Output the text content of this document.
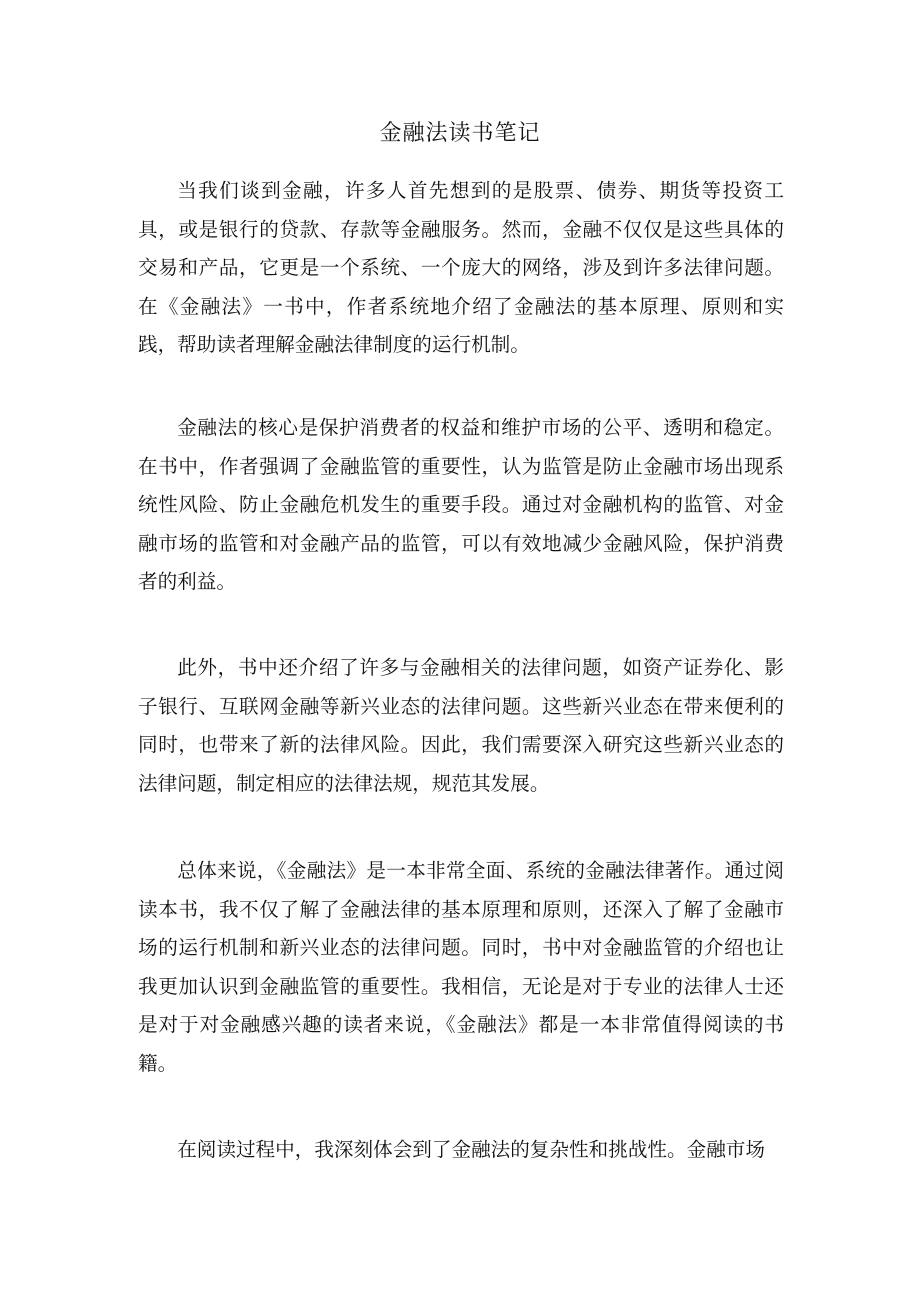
金融法读书笔记

当我们谈到金融，许多人首先想到的是股票、债券、期货等投资工具，或是银行的贷款、存款等金融服务。然而，金融不仅仅是这些具体的交易和产品，它更是一个系统、一个庞大的网络，涉及到许多法律问题。在《金融法》一书中，作者系统地介绍了金融法的基本原理、原则和实践，帮助读者理解金融法律制度的运行机制。

金融法的核心是保护消费者的权益和维护市场的公平、透明和稳定。在书中，作者强调了金融监管的重要性，认为监管是防止金融市场出现系统性风险、防止金融危机发生的重要手段。通过对金融机构的监管、对金融市场的监管和对金融产品的监管，可以有效地减少金融风险，保护消费者的利益。

此外，书中还介绍了许多与金融相关的法律问题，如资产证券化、影子银行、互联网金融等新兴业态的法律问题。这些新兴业态在带来便利的同时，也带来了新的法律风险。因此，我们需要深入研究这些新兴业态的法律问题，制定相应的法律法规，规范其发展。

总体来说，《金融法》是一本非常全面、系统的金融法律著作。通过阅读本书，我不仅了解了金融法律的基本原理和原则，还深入了解了金融市场的运行机制和新兴业态的法律问题。同时，书中对金融监管的介绍也让我更加认识到金融监管的重要性。我相信，无论是对于专业的法律人士还是对于对金融感兴趣的读者来说，《金融法》都是一本非常值得阅读的书籍。

在阅读过程中，我深刻体会到了金融法的复杂性和挑战性。金融市场
